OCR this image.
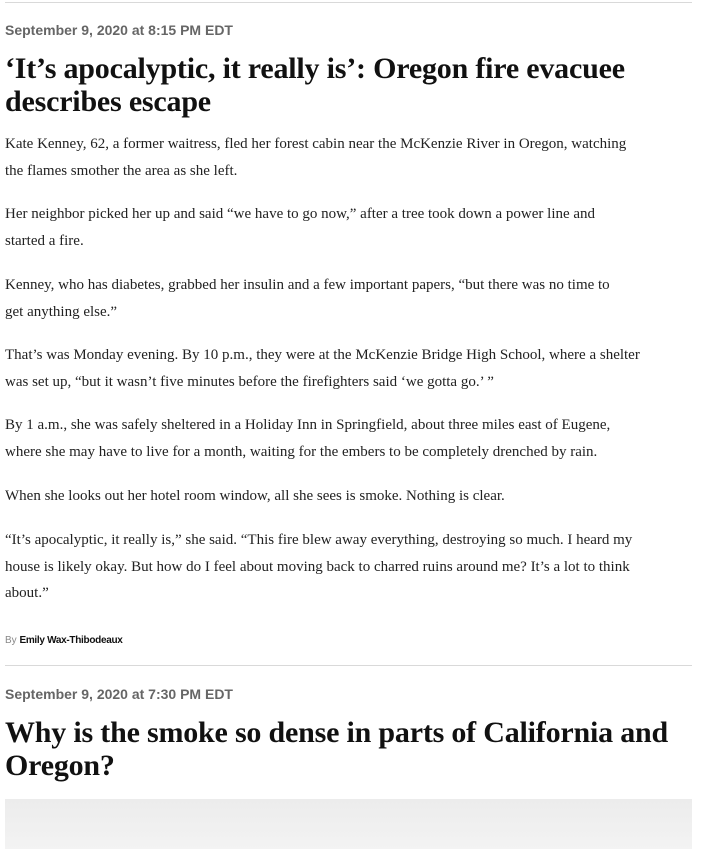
September 9, 2020 at 8:15 PM EDT
‘It’s apocalyptic, it really is’: Oregon fire evacuee
describes escape
Kate Kenney, 62, a former waitress, fled her forest cabin near the McKenzie River in Oregon, watching
the flames smother the area as she left.
Her neighbor picked her up and said “we have to go now,” after a tree took down a power line and
started a fire.
Kenney, who has diabetes, grabbed her insulin and a few important papers, “but there was no time to
get anything else.”
That’s was Monday evening. By 10 p.m., they were at the McKenzie Bridge High School, where a shelter
was set up, “but it wasn’t five minutes before the firefighters said ‘we gotta go.’ ”
By 1 a.m., she was safely sheltered in a Holiday Inn in Springfield, about three miles east of Eugene,
where she may have to live for a month, waiting for the embers to be completely drenched by rain.
When she looks out her hotel room window, all she sees is smoke. Nothing is clear.
“It’s apocalyptic, it really is,” she said. “This fire blew away everything, destroying so much. I heard my
house is likely okay. But how do I feel about moving back to charred ruins around me? It’s a lot to think
about.”
By Emily Wax-Thibodeaux
September 9, 2020 at 7:30 PM EDT
Why is the smoke so dense in parts of California and
Oregon?
